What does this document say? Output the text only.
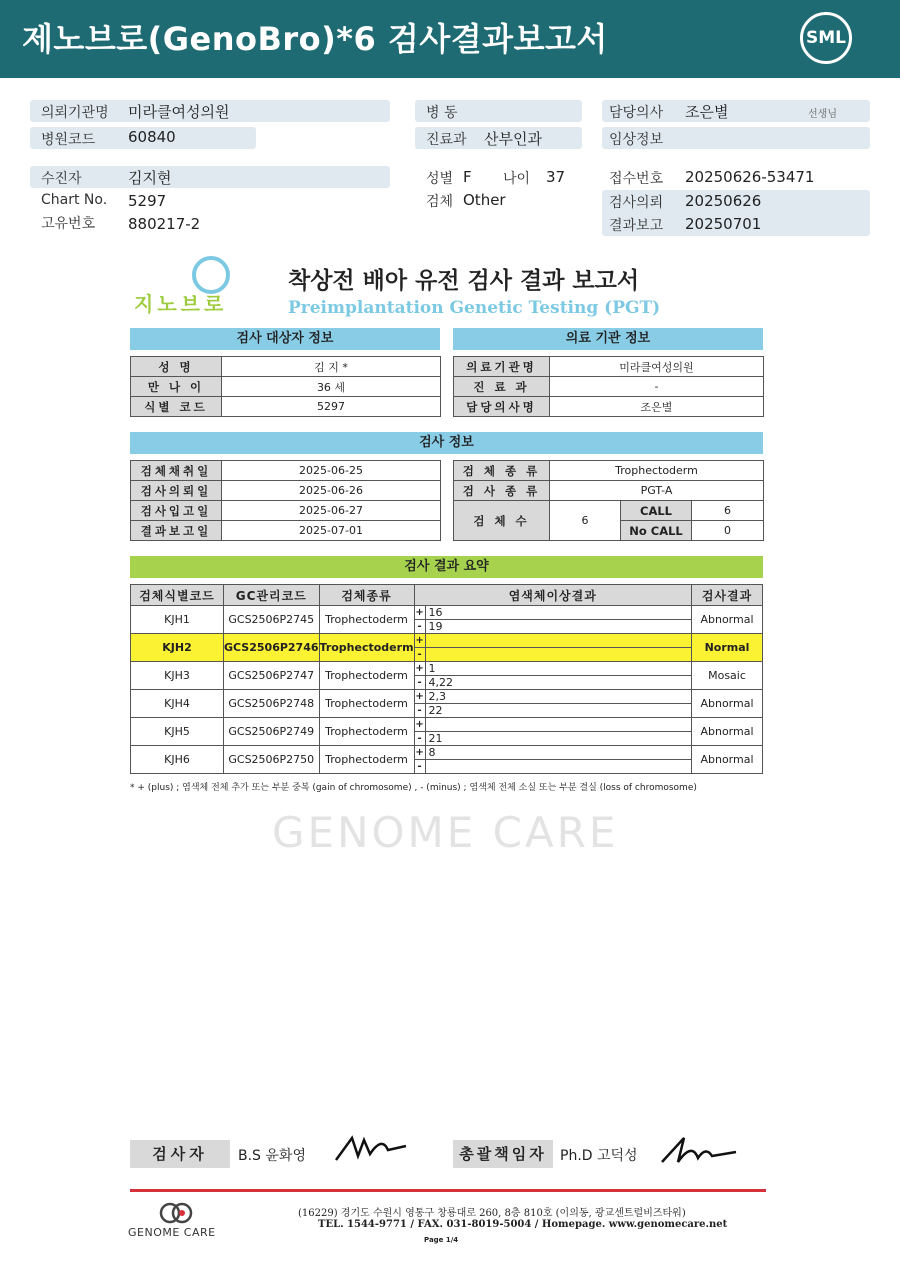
제노브로(GenoBro)*6 검사결과보고서	SML
의뢰기관명 미라클여성의원
병원코드 60840
수진자	김지현
Chart No. 5297
고유번호 880217-2
병 동
진료과 산부인과
성별 F 나이 37
검체 Other
담당의사 조은별	선생님
임상정보
접수번호 20250626-53471
검사의뢰 20250626
결과보고 20250701
지노브로
착상전 배아 유전 검사 결과 보고서
Preimplantation Genetic Testing (PGT)
검사 대상자 정보	의료 기관 정보
성 명	김 지 *
만 나 이	36 세
식별 코드	5297
의료기관명	미라클여성의원
진 료 과	-
담당의사명	조은별
검사 정보
검체채취일	2025-06-25
검사의뢰일	2025-06-26
검사입고일	2025-06-27
결과보고일	2025-07-01
검 체 종 류	Trophectoderm		
검 사 종 류	PGT-A		
검 체 수	6	CALL	6
		No CALL	0
검사 결과 요약
GENOME CARE
검체식별코드	GC관리코드	검체종류	염색체이상결과		검사결과
KJH1	GCS2506P2745	Trophectoderm	+	16	Abnormal
			-	19	
KJH2	GCS2506P2746	Trophectoderm	+		Normal
			-		
KJH3	GCS2506P2747	Trophectoderm	+	1	Mosaic
			-	4,22	
KJH4	GCS2506P2748	Trophectoderm	+	2,3	Abnormal
			-	22	
KJH5	GCS2506P2749	Trophectoderm	+		Abnormal
			-	21	
KJH6	GCS2506P2750	Trophectoderm	+	8	Abnormal
			-		
* + (plus) ; 염색체 전체 추가 또는 부분 중복 (gain of chromosome) , - (minus) ; 염색체 전체 소실 또는 부분 결실 (loss of chromosome)
검사자	B.S 윤화영	총괄책임자 Ph.D 고덕성
GENOME CARE
(16229) 경기도 수원시 영통구 창룡대로 260, 8층 810호 (이의동, 광교센트럴비즈타워)
TEL. 1544-9771 / FAX. 031-8019-5004 / Homepage. www.genomecare.net
Page 1/4
